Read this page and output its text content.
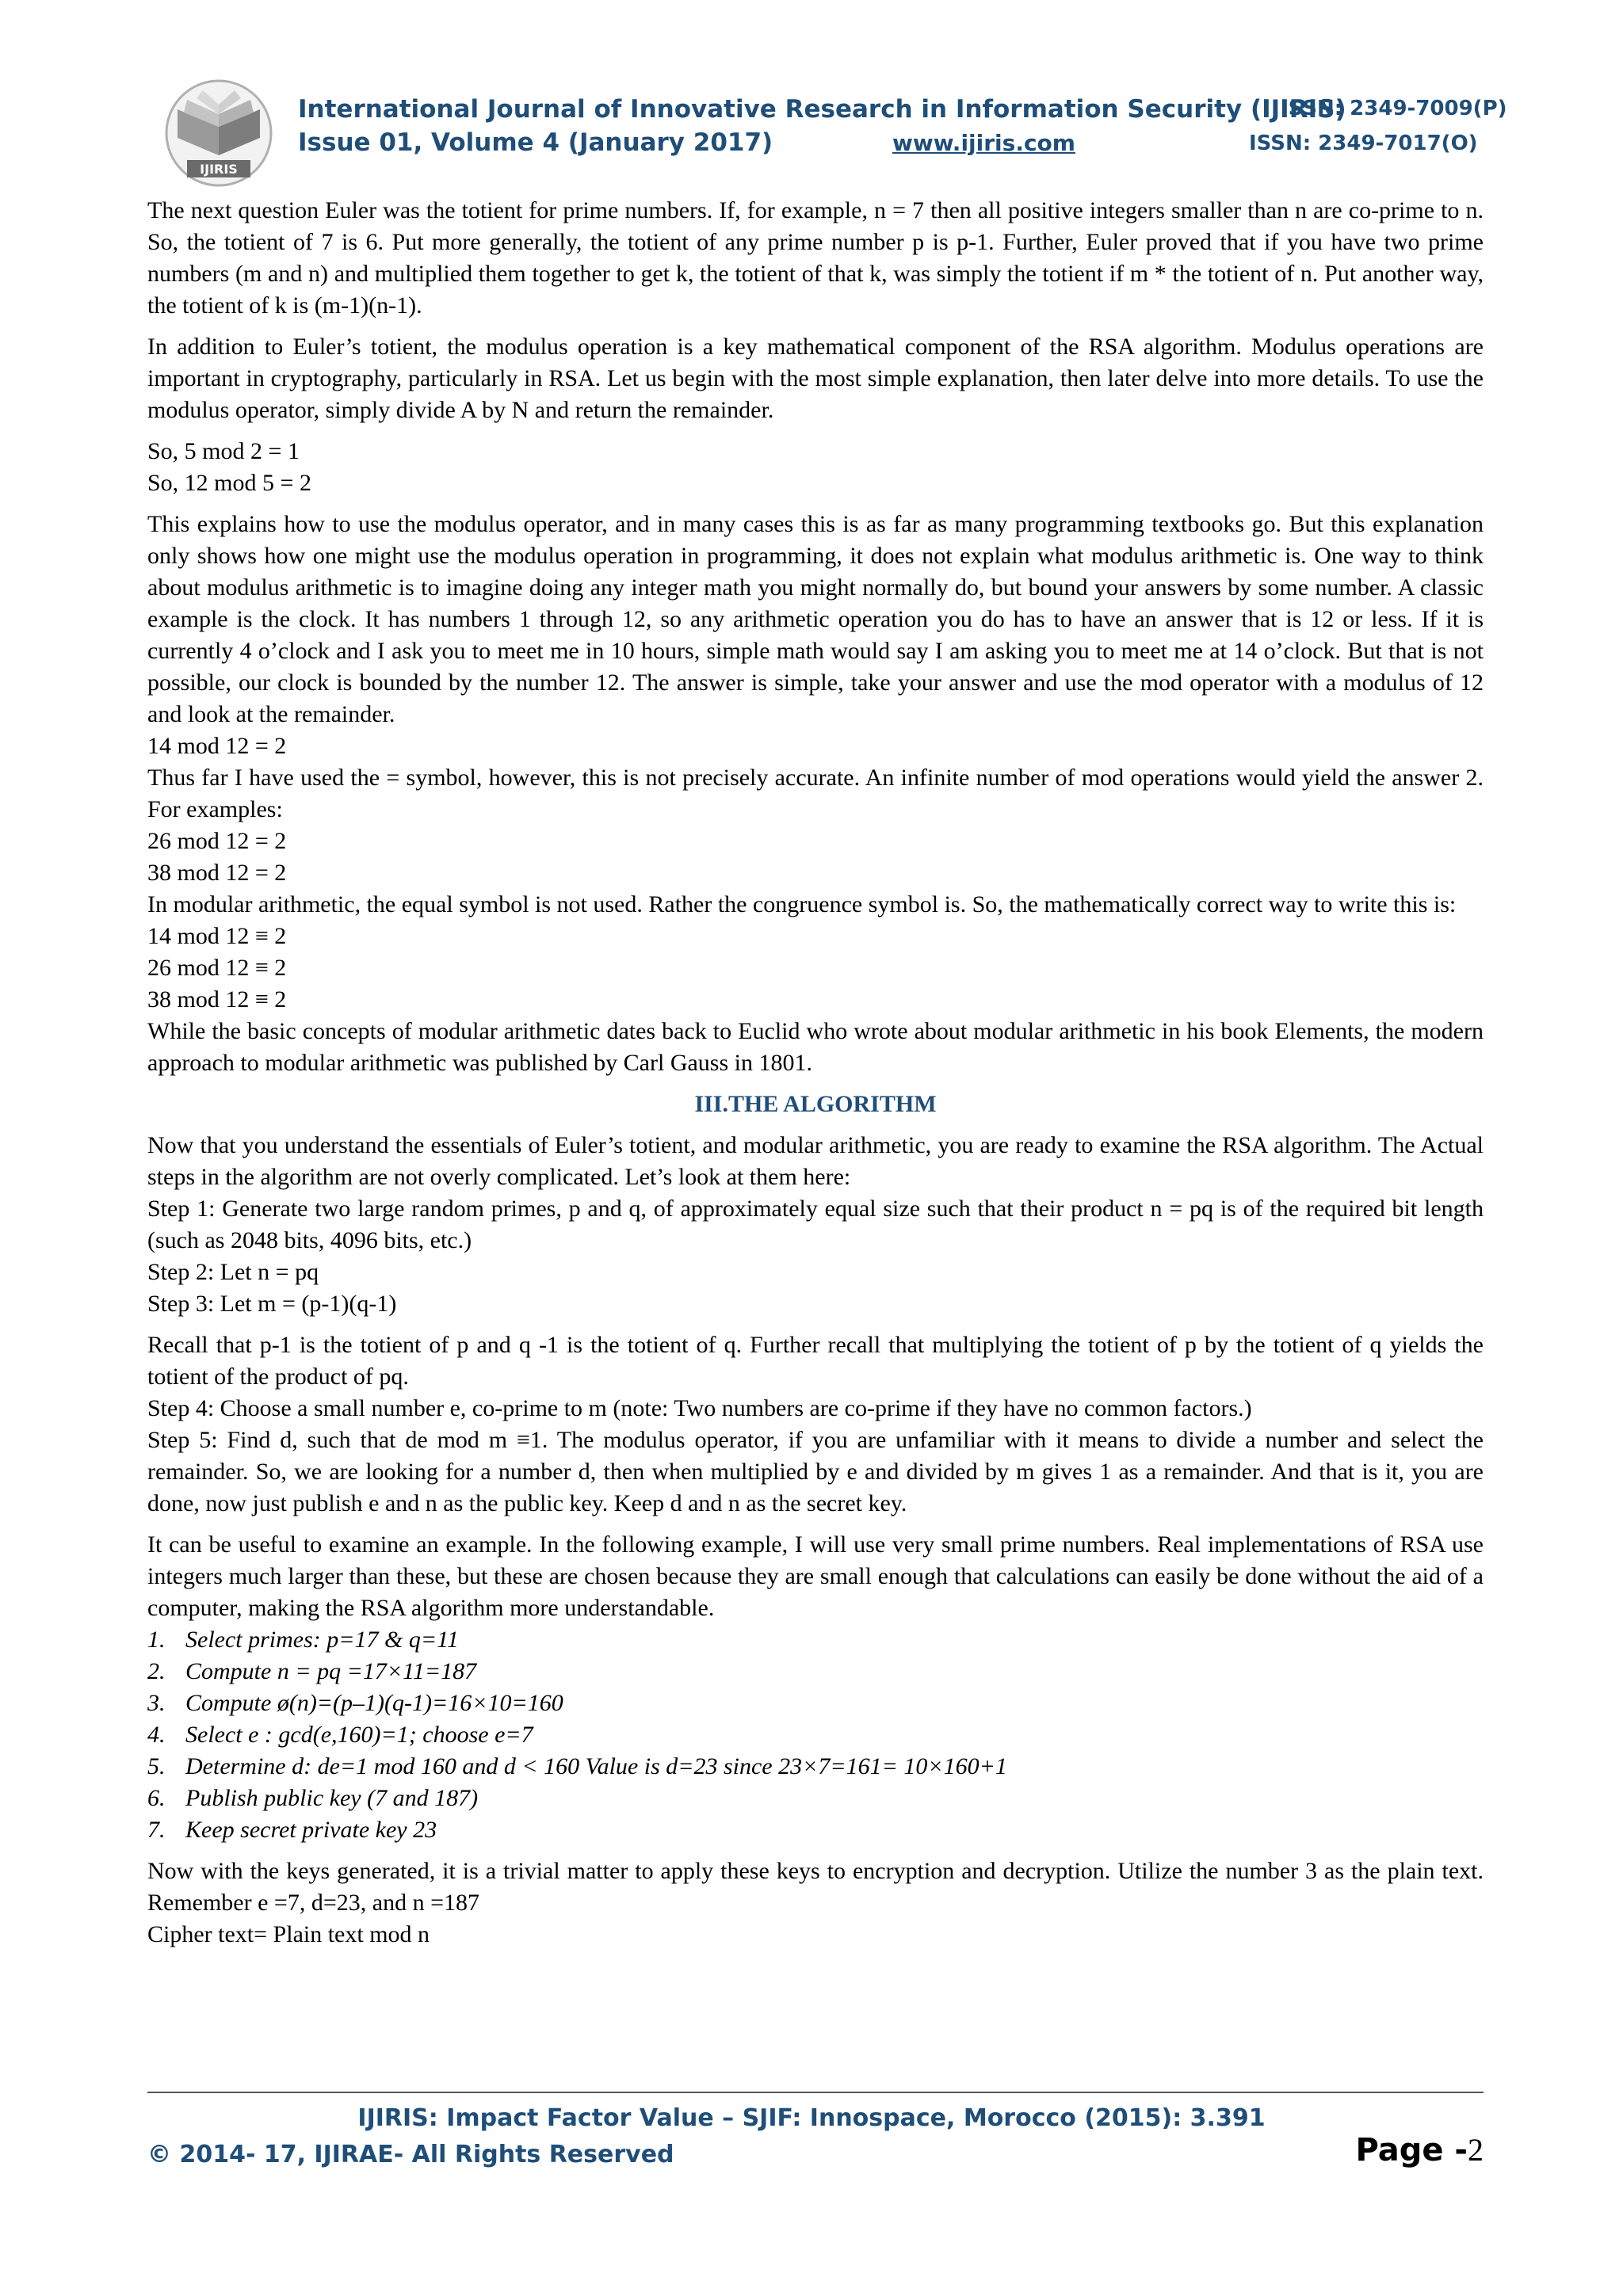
IJIRIS
International Journal of Innovative Research in Information Security (IJIRIS)
ISSN: 2349-7009(P)
Issue 01, Volume 4 (January 2017)	www.ijiris.com	ISSN: 2349-7017(O)

The next question Euler was the totient for prime numbers. If, for example, n = 7 then all positive integers smaller than n are co-prime to n. So, the totient of 7 is 6. Put more generally, the totient of any prime number p is p-1. Further, Euler proved that if you have two prime numbers (m and n) and multiplied them together to get k, the totient of that k, was simply the totient if m * the totient of n. Put another way, the totient of k is (m-1)(n-1).

In addition to Euler’s totient, the modulus operation is a key mathematical component of the RSA algorithm. Modulus operations are important in cryptography, particularly in RSA. Let us begin with the most simple explanation, then later delve into more details. To use the modulus operator, simply divide A by N and return the remainder.

So, 5 mod 2 = 1

So, 12 mod 5 = 2

This explains how to use the modulus operator, and in many cases this is as far as many programming textbooks go. But this explanation only shows how one might use the modulus operation in programming, it does not explain what modulus arithmetic is. One way to think about modulus arithmetic is to imagine doing any integer math you might normally do, but bound your answers by some number. A classic example is the clock. It has numbers 1 through 12, so any arithmetic operation you do has to have an answer that is 12 or less. If it is currently 4 o’clock and I ask you to meet me in 10 hours, simple math would say I am asking you to meet me at 14 o’clock. But that is not possible, our clock is bounded by the number 12. The answer is simple, take your answer and use the mod operator with a modulus of 12 and look at the remainder.

14 mod 12 = 2

Thus far I have used the = symbol, however, this is not precisely accurate. An infinite number of mod operations would yield the answer 2. For examples:

26 mod 12 = 2

38 mod 12 = 2

In modular arithmetic, the equal symbol is not used. Rather the congruence symbol is. So, the mathematically correct way to write this is:

14 mod 12 ≡ 2

26 mod 12 ≡ 2

38 mod 12 ≡ 2

While the basic concepts of modular arithmetic dates back to Euclid who wrote about modular arithmetic in his book Elements, the modern approach to modular arithmetic was published by Carl Gauss in 1801.

III.THE ALGORITHM

Now that you understand the essentials of Euler’s totient, and modular arithmetic, you are ready to examine the RSA algorithm. The Actual steps in the algorithm are not overly complicated. Let’s look at them here:

Step 1: Generate two large random primes, p and q, of approximately equal size such that their product n = pq is of the required bit length (such as 2048 bits, 4096 bits, etc.)

Step 2: Let n = pq

Step 3: Let m = (p-1)(q-1)

Recall that p-1 is the totient of p and q -1 is the totient of q. Further recall that multiplying the totient of p by the totient of q yields the totient of the product of pq.

Step 4: Choose a small number e, co-prime to m (note: Two numbers are co-prime if they have no common factors.)

Step 5: Find d, such that de mod m ≡1. The modulus operator, if you are unfamiliar with it means to divide a number and select the remainder. So, we are looking for a number d, then when multiplied by e and divided by m gives 1 as a remainder. And that is it, you are done, now just publish e and n as the public key. Keep d and n as the secret key.

It can be useful to examine an example. In the following example, I will use very small prime numbers. Real implementations of RSA use integers much larger than these, but these are chosen because they are small enough that calculations can easily be done without the aid of a computer, making the RSA algorithm more understandable.

1. Select primes: p=17 & q=11
2. Compute n = pq =17×11=187
3. Compute ø(n)=(p–1)(q-1)=16×10=160
4. Select e : gcd(e,160)=1; choose e=7
5. Determine d: de=1 mod 160 and d < 160 Value is d=23 since 23×7=161= 10×160+1
6. Publish public key (7 and 187)
7. Keep secret private key 23

Now with the keys generated, it is a trivial matter to apply these keys to encryption and decryption. Utilize the number 3 as the plain text. Remember e =7, d=23, and n =187

Cipher text= Plain text mod n

IJIRIS: Impact Factor Value – SJIF: Innospace, Morocco (2015): 3.391
© 2014- 17, IJIRAE- All Rights Reserved	Page -2
